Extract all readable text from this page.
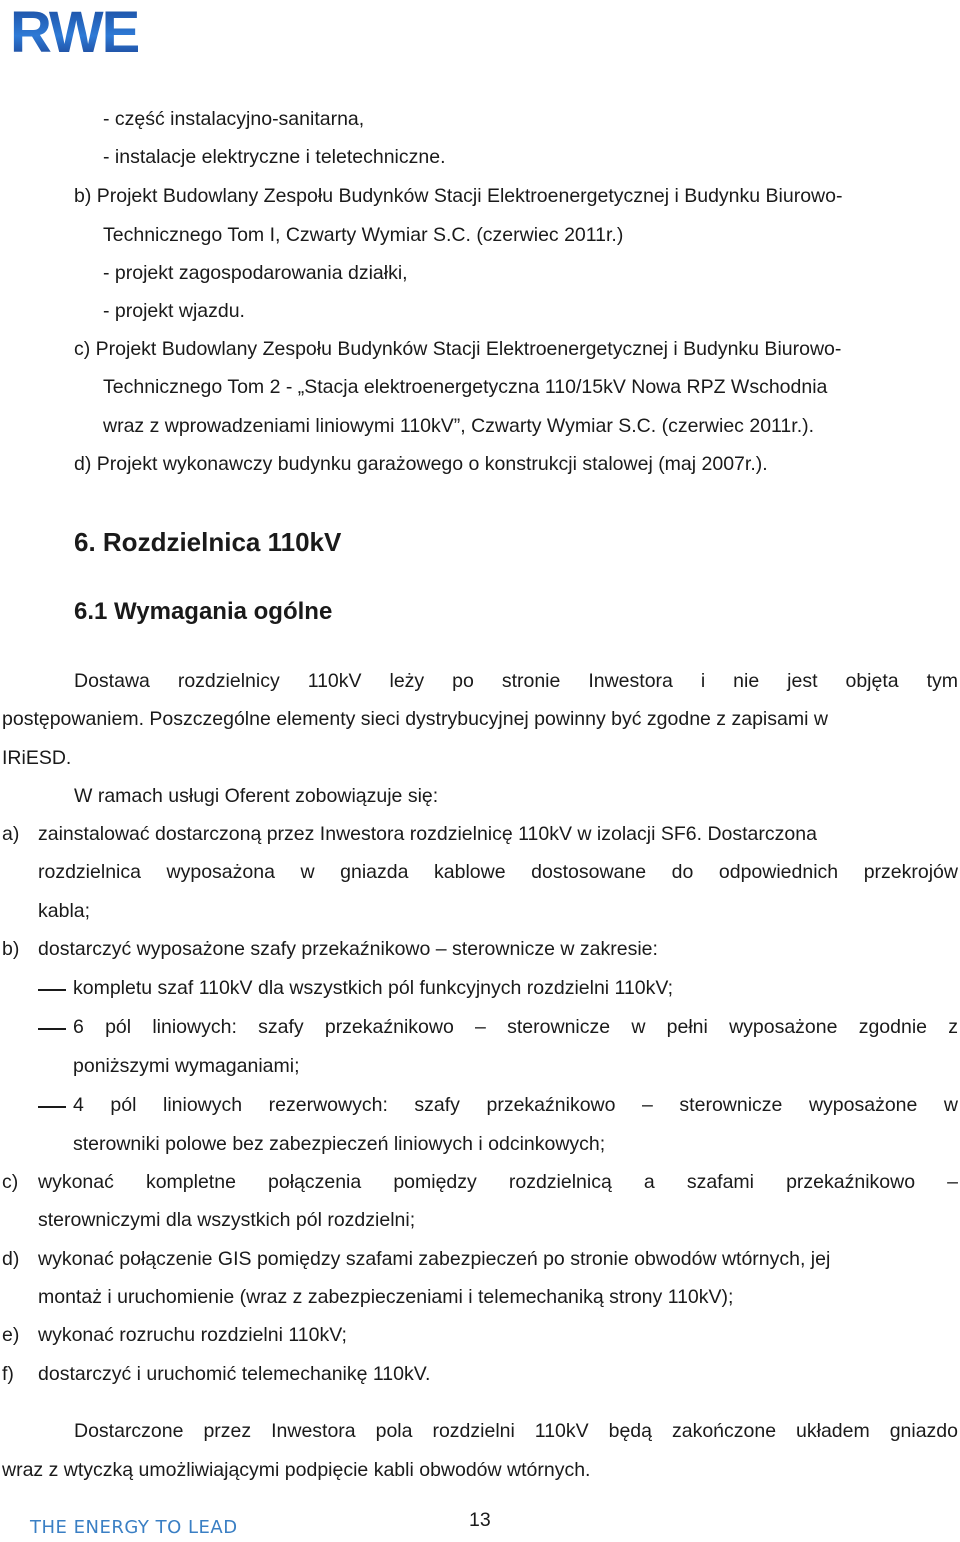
RWE
- część instalacyjno-sanitarna,
- instalacje elektryczne i teletechniczne.
b) Projekt Budowlany Zespołu Budynków Stacji Elektroenergetycznej i Budynku Biurowo-
Technicznego Tom I, Czwarty Wymiar S.C. (czerwiec 2011r.)
- projekt zagospodarowania działki,
- projekt wjazdu.
c) Projekt Budowlany Zespołu Budynków Stacji Elektroenergetycznej i Budynku Biurowo-
Technicznego Tom 2 - „Stacja elektroenergetyczna 110/15kV Nowa RPZ Wschodnia
wraz z wprowadzeniami liniowymi 110kV”, Czwarty Wymiar S.C. (czerwiec 2011r.).
d) Projekt wykonawczy budynku garażowego o konstrukcji stalowej (maj 2007r.).
6. Rozdzielnica 110kV
6.1 Wymagania ogólne
Dostawa rozdzielnicy 110kV leży po stronie Inwestora i nie jest objęta tym
postępowaniem. Poszczególne elementy sieci dystrybucyjnej powinny być zgodne z zapisami w
IRiESD.
W ramach usługi Oferent zobowiązuje się:
a) zainstalować dostarczoną przez Inwestora rozdzielnicę 110kV w izolacji SF6. Dostarczona
rozdzielnica wyposażona w gniazda kablowe dostosowane do odpowiednich przekrojów
kabla;
b) dostarczyć wyposażone szafy przekaźnikowo – sterownicze w zakresie:
kompletu szaf 110kV dla wszystkich pól funkcyjnych rozdzielni 110kV;
6 pól liniowych: szafy przekaźnikowo – sterownicze w pełni wyposażone zgodnie z
poniższymi wymaganiami;
4 pól liniowych rezerwowych: szafy przekaźnikowo – sterownicze wyposażone w
sterowniki polowe bez zabezpieczeń liniowych i odcinkowych;
c) wykonać kompletne połączenia pomiędzy rozdzielnicą a szafami przekaźnikowo –
sterowniczymi dla wszystkich pól rozdzielni;
d) wykonać połączenie GIS pomiędzy szafami zabezpieczeń po stronie obwodów wtórnych, jej
montaż i uruchomienie (wraz z zabezpieczeniami i telemechaniką strony 110kV);
e) wykonać rozruchu rozdzielni 110kV;
f) dostarczyć i uruchomić telemechanikę 110kV.
Dostarczone przez Inwestora pola rozdzielni 110kV będą zakończone układem gniazdo
wraz z wtyczką umożliwiającymi podpięcie kabli obwodów wtórnych.
13
THE ENERGY TO LEAD
